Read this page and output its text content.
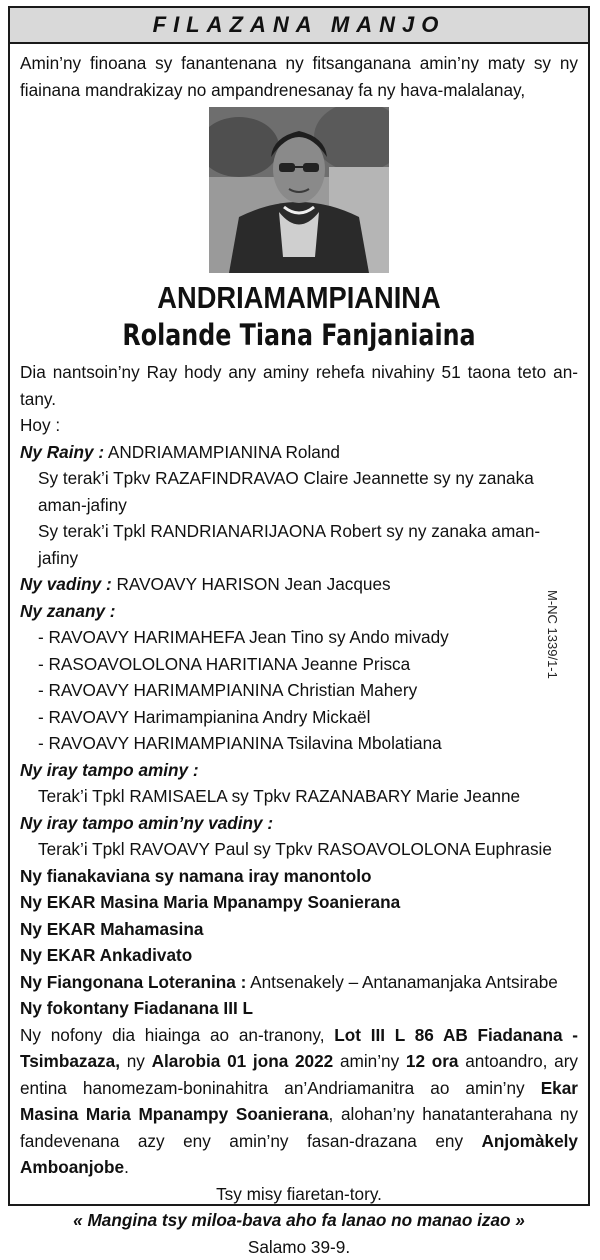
FILAZANA MANJO

Amin’ny finoana sy fanantenana ny fitsanganana amin’ny maty sy ny fiainana mandrakizay no ampandrenesanay fa ny hava-malalanay,

ANDRIAMAMPIANINA
Rolande Tiana Fanjaniaina

Dia nantsoin’ny Ray hody any aminy rehefa nivahiny 51 taona teto an-tany.

Hoy :

Ny Rainy : ANDRIAMAMPIANINA Roland

Sy terak’i Tpkv RAZAFINDRAVAO Claire Jeannette sy ny zanaka aman-jafiny

Sy terak’i Tpkl RANDRIANARIJAONA Robert sy ny zanaka aman-jafiny

Ny vadiny : RAVOAVY HARISON Jean Jacques

Ny zanany :

- RAVOAVY HARIMAHEFA Jean Tino sy Ando mivady

- RASOAVOLOLONA HARITIANA Jeanne Prisca

- RAVOAVY HARIMAMPIANINA Christian Mahery

- RAVOAVY Harimampianina Andry Mickaël

- RAVOAVY HARIMAMPIANINA Tsilavina Mbolatiana

Ny iray tampo aminy :

Terak’i Tpkl RAMISAELA sy Tpkv RAZANABARY Marie Jeanne

Ny iray tampo amin’ny vadiny :

Terak’i Tpkl RAVOAVY Paul sy Tpkv RASOAVOLOLONA Euphrasie

Ny fianakaviana sy namana iray manontolo

Ny EKAR Masina Maria Mpanampy Soanierana

Ny EKAR Mahamasina

Ny EKAR Ankadivato

Ny Fiangonana Loteranina : Antsenakely – Antanamanjaka Antsirabe

Ny fokontany Fiadanana III L

Ny nofony dia hiainga ao an-tranony, Lot III L 86 AB Fiadanana - Tsimbazaza, ny Alarobia 01 jona 2022 amin’ny 12 ora antoandro, ary entina hanomezam-boninahitra an’Andriamanitra ao amin’ny Ekar Masina Maria Mpanampy Soanierana, alohan’ny hanatanterahana ny fandevenana azy eny amin’ny fasan-drazana eny Anjomàkely Amboanjobe.

Tsy misy fiaretan-tory.

« Mangina tsy miloa-bava aho fa lanao no manao izao »

Salamo 39-9.

M-NC 1339/1-1
